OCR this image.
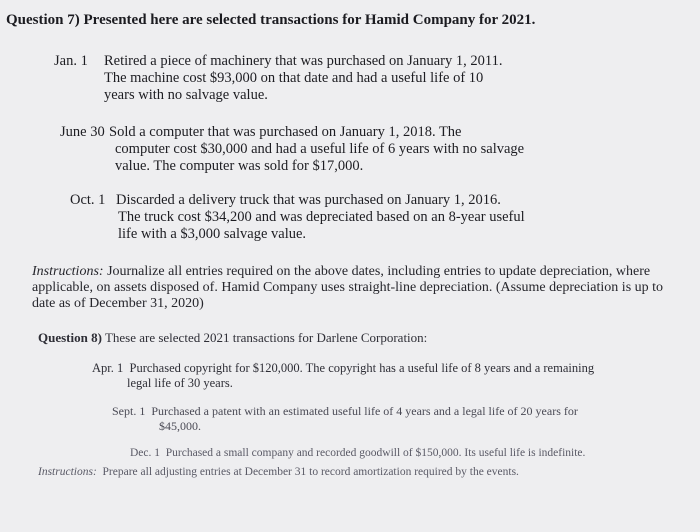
Question 7) Presented here are selected transactions for Hamid Company for 2021.
Jan. 1 Retired a piece of machinery that was purchased on January 1, 2011.
The machine cost $93,000 on that date and had a useful life of 10
years with no salvage value.
June 30 Sold a computer that was purchased on January 1, 2018. The
computer cost $30,000 and had a useful life of 6 years with no salvage
value. The computer was sold for $17,000.
Oct. 1 Discarded a delivery truck that was purchased on January 1, 2016.
The truck cost $34,200 and was depreciated based on an 8-year useful
life with a $3,000 salvage value.
Instructions: Journalize all entries required on the above dates, including entries to update depreciation, where
applicable, on assets disposed of. Hamid Company uses straight-line depreciation. (Assume depreciation is up to
date as of December 31, 2020)
Question 8) These are selected 2021 transactions for Darlene Corporation:
Apr. 1 Purchased copyright for $120,000. The copyright has a useful life of 8 years and a remaining
legal life of 30 years.
Sept. 1 Purchased a patent with an estimated useful life of 4 years and a legal life of 20 years for
$45,000.
Dec. 1 Purchased a small company and recorded goodwill of $150,000. Its useful life is indefinite.
Instructions: Prepare all adjusting entries at December 31 to record amortization required by the events.
